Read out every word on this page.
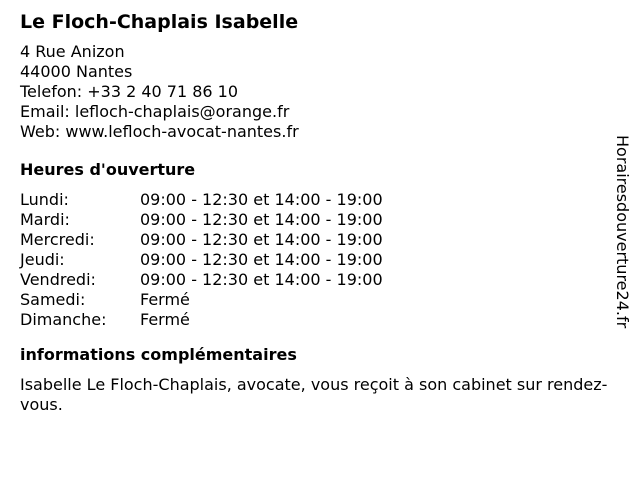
Le Floch-Chaplais Isabelle
4 Rue Anizon
44000 Nantes
Telefon: +33 2 40 71 86 10
Email: lefloch-chaplais@orange.fr
Web: www.lefloch-avocat-nantes.fr
Heures d'ouverture
Lundi:	09:00 - 12:30 et 14:00 - 19:00
Mardi:	09:00 - 12:30 et 14:00 - 19:00
Mercredi:	09:00 - 12:30 et 14:00 - 19:00
Jeudi:	09:00 - 12:30 et 14:00 - 19:00
Vendredi:	09:00 - 12:30 et 14:00 - 19:00
Samedi:	Fermé
Dimanche:	Fermé
informations complémentaires
Isabelle Le Floch-Chaplais, avocate, vous reçoit à son cabinet sur rendez-vous.
Horairesdouverture24.fr
